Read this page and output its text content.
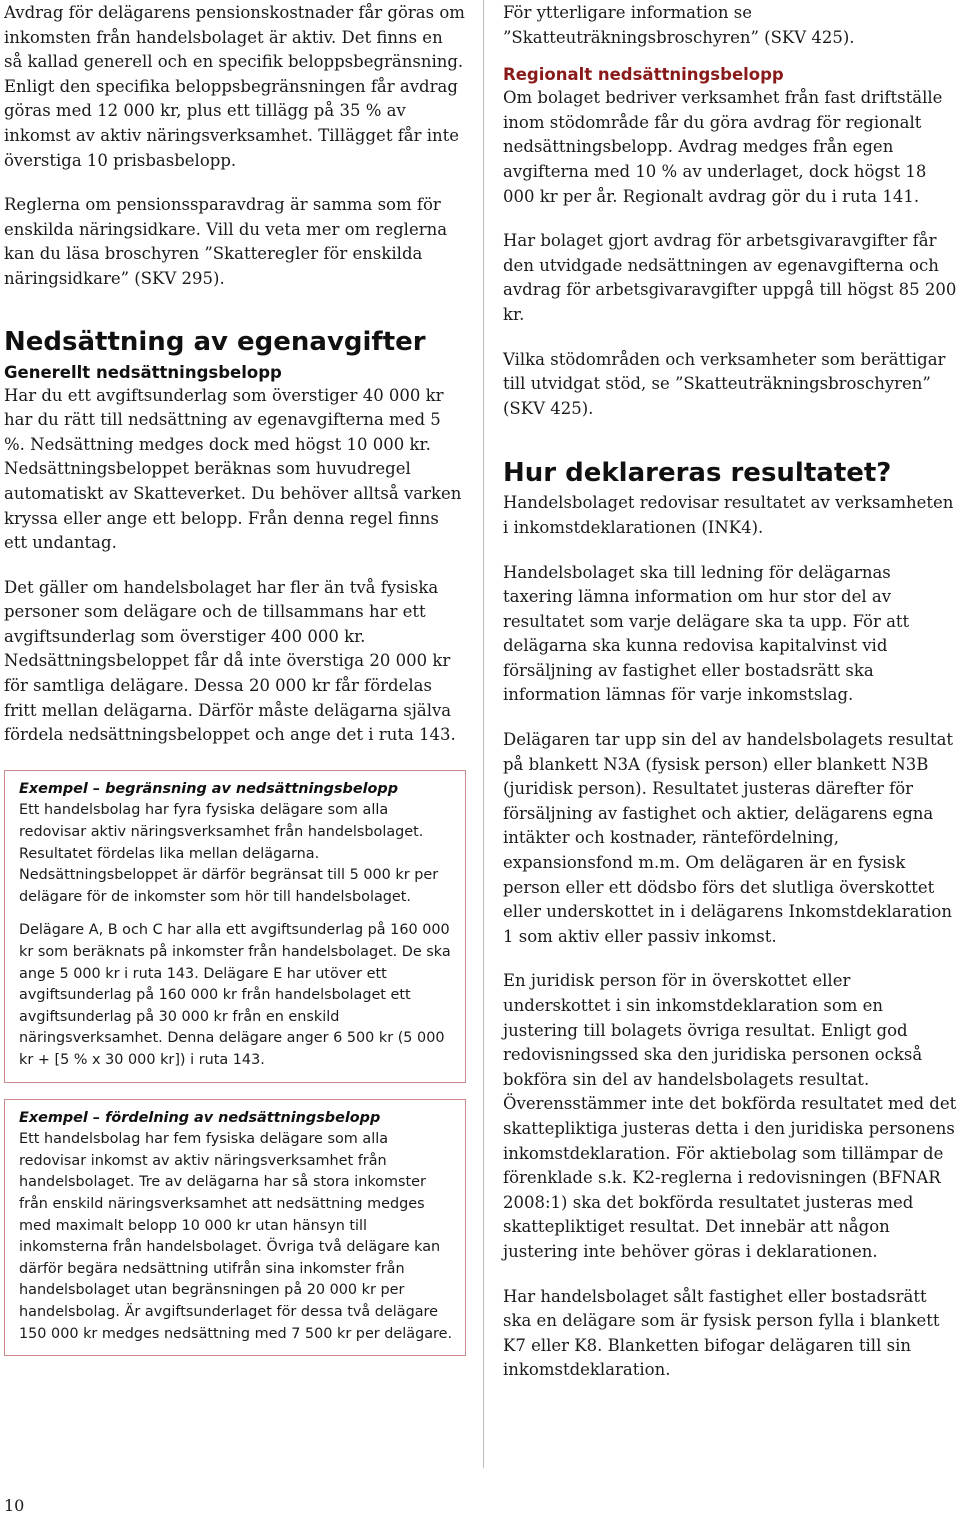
Avdrag för delägarens pensionskostnader får göras om inkomsten från handelsbolaget är aktiv. Det finns en så kallad generell och en specifik beloppsbegränsning. Enligt den specifika beloppsbegränsningen får avdrag göras med 12 000 kr, plus ett tillägg på 35 % av inkomst av aktiv näringsverksamhet. Tillägget får inte överstiga 10 prisbasbelopp.

Reglerna om pensionssparavdrag är samma som för enskilda näringsidkare. Vill du veta mer om reglerna kan du läsa broschyren ”Skatteregler för enskilda näringsidkare” (SKV 295).

Nedsättning av egenavgifter
Generellt nedsättningsbelopp

Har du ett avgiftsunderlag som överstiger 40 000 kr har du rätt till nedsättning av egenavgifterna med 5 %. Nedsättning medges dock med högst 10 000 kr. Nedsättningsbeloppet beräknas som huvudregel automatiskt av Skatteverket. Du behöver alltså varken kryssa eller ange ett belopp. Från denna regel finns ett undantag.

Det gäller om handelsbolaget har fler än två fysiska personer som delägare och de tillsammans har ett avgiftsunderlag som överstiger 400 000 kr. Nedsättningsbeloppet får då inte överstiga 20 000 kr för samtliga delägare. Dessa 20 000 kr får fördelas fritt mellan delägarna. Därför måste delägarna själva fördela nedsättningsbeloppet och ange det i ruta 143.

Exempel – begränsning av nedsättningsbelopp

Ett handelsbolag har fyra fysiska delägare som alla redovisar aktiv näringsverksamhet från handelsbolaget. Resultatet fördelas lika mellan delägarna. Nedsättningsbeloppet är därför begränsat till 5 000 kr per delägare för de inkomster som hör till handelsbolaget.

Delägare A, B och C har alla ett avgiftsunderlag på 160 000 kr som beräknats på inkomster från handelsbolaget. De ska ange 5 000 kr i ruta 143. Delägare E har utöver ett avgiftsunderlag på 160 000 kr från handelsbolaget ett avgiftsunderlag på 30 000 kr från en enskild näringsverksamhet. Denna delägare anger 6 500 kr (5 000 kr + [5 % x 30 000 kr]) i ruta 143.

Exempel – fördelning av nedsättningsbelopp

Ett handelsbolag har fem fysiska delägare som alla redovisar inkomst av aktiv näringsverksamhet från handelsbolaget. Tre av delägarna har så stora inkomster från enskild näringsverksamhet att nedsättning medges med maximalt belopp 10 000 kr utan hänsyn till inkomsterna från handelsbolaget. Övriga två delägare kan därför begära nedsättning utifrån sina inkomster från handelsbolaget utan begränsningen på 20 000 kr per handelsbolag. Är avgiftsunderlaget för dessa två delägare 150 000 kr medges nedsättning med 7 500 kr per delägare.

För ytterligare information se ”Skatteuträkningsbroschyren” (SKV 425).

Regionalt nedsättningsbelopp

Om bolaget bedriver verksamhet från fast driftställe inom stödområde får du göra avdrag för regionalt nedsättningsbelopp. Avdrag medges från egen avgifterna med 10 % av underlaget, dock högst 18 000 kr per år. Regionalt avdrag gör du i ruta 141.

Har bolaget gjort avdrag för arbetsgivaravgifter får den utvidgade nedsättningen av egenavgifterna och avdrag för arbetsgivaravgifter uppgå till högst 85 200 kr.

Vilka stödområden och verksamheter som berättigar till utvidgat stöd, se ”Skatteuträkningsbroschyren” (SKV 425).

Hur deklareras resultatet?

Handelsbolaget redovisar resultatet av verksamheten i inkomstdeklarationen (INK4).

Handelsbolaget ska till ledning för delägarnas taxering lämna information om hur stor del av resultatet som varje delägare ska ta upp. För att delägarna ska kunna redovisa kapitalvinst vid försäljning av fastighet eller bostadsrätt ska information lämnas för varje inkomstslag.

Delägaren tar upp sin del av handelsbolagets resultat på blankett N3A (fysisk person) eller blankett N3B (juridisk person). Resultatet justeras därefter för försäljning av fastighet och aktier, delägarens egna intäkter och kostnader, räntefördelning, expansionsfond m.m. Om delägaren är en fysisk person eller ett dödsbo förs det slutliga överskottet eller underskottet in i delägarens Inkomstdeklaration 1 som aktiv eller passiv inkomst.

En juridisk person för in överskottet eller underskottet i sin inkomstdeklaration som en justering till bolagets övriga resultat. Enligt god redovisningssed ska den juridiska personen också bokföra sin del av handelsbolagets resultat. Överensstämmer inte det bokförda resultatet med det skattepliktiga justeras detta i den juridiska personens inkomstdeklaration. För aktiebolag som tillämpar de förenklade s.k. K2-reglerna i redovisningen (BFNAR 2008:1) ska det bokförda resultatet justeras med skattepliktiget resultat. Det innebär att någon justering inte behöver göras i deklarationen.

Har handelsbolaget sålt fastighet eller bostadsrätt ska en delägare som är fysisk person fylla i blankett K7 eller K8. Blanketten bifogar delägaren till sin inkomstdeklaration.

10
